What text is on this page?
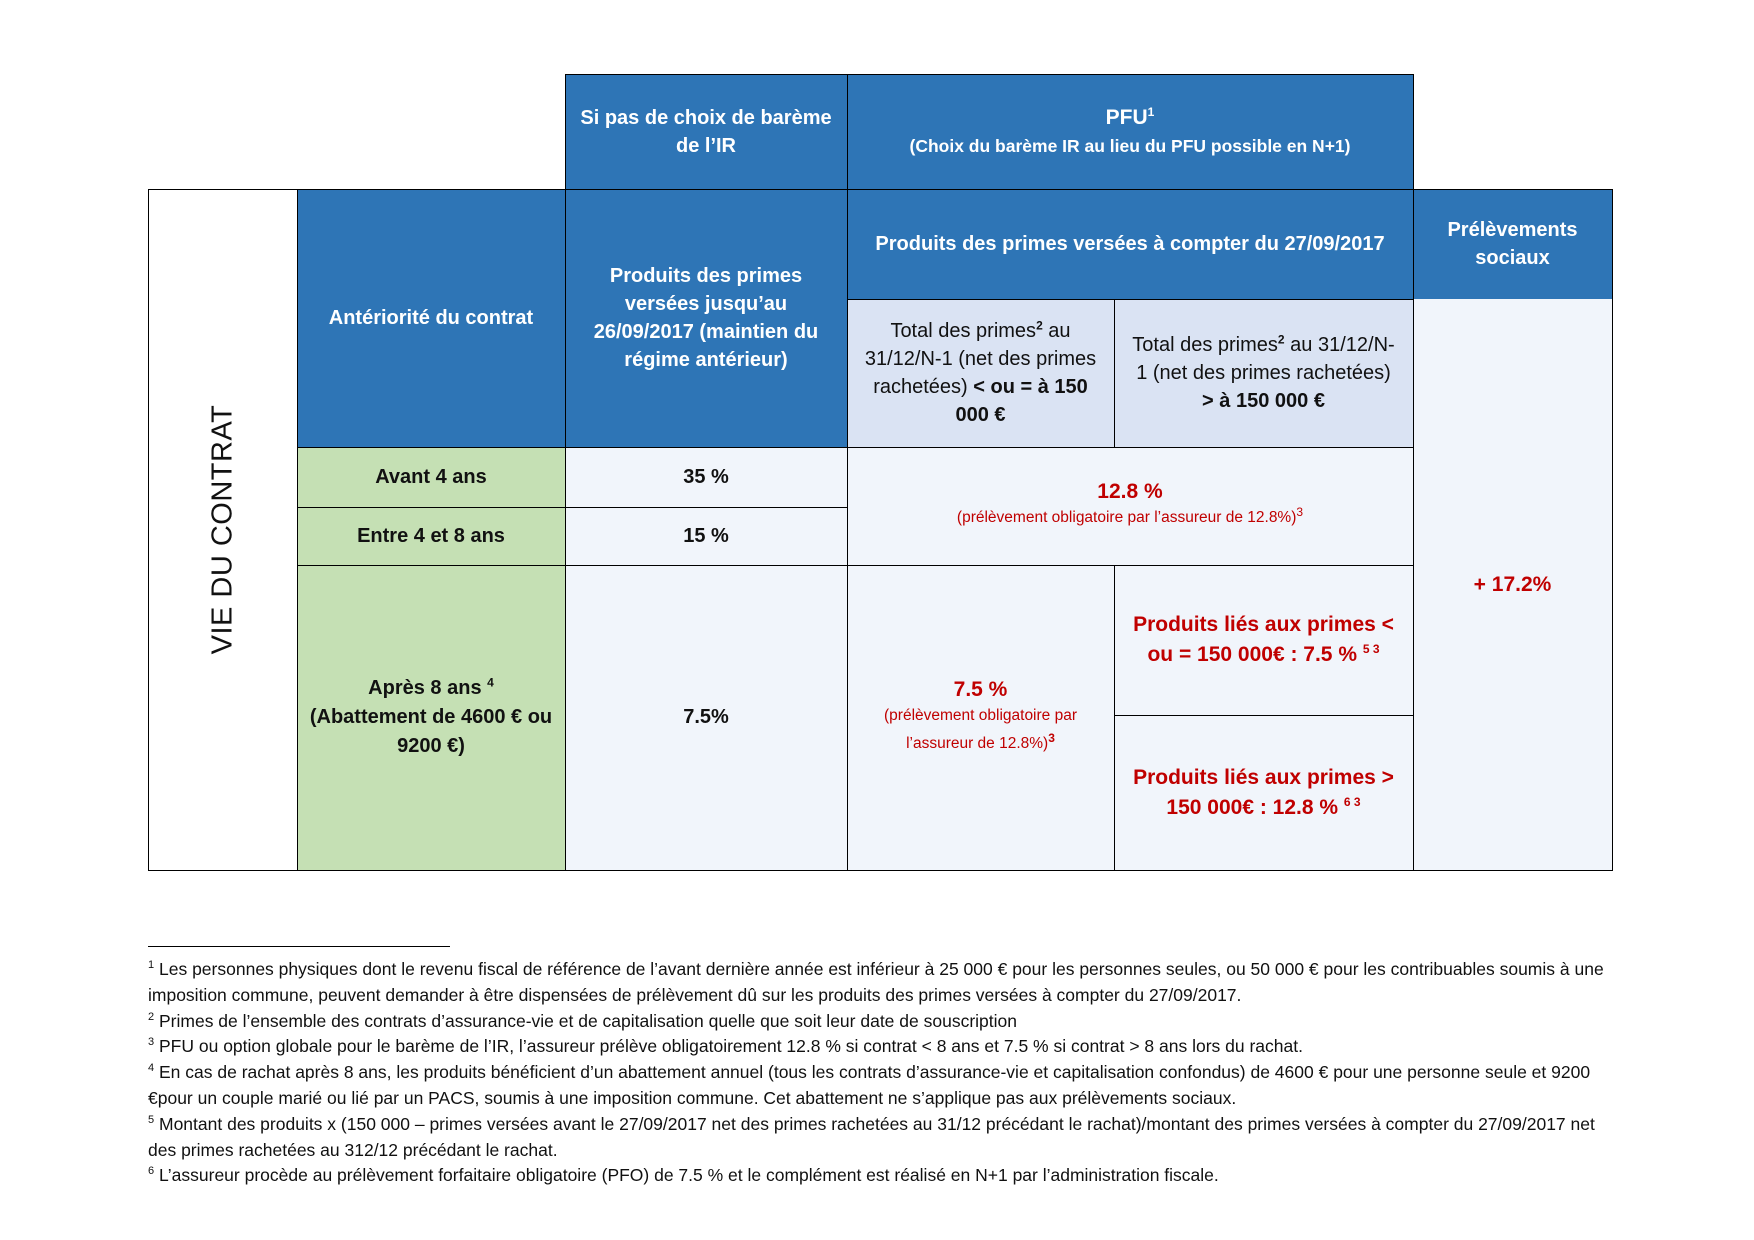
Si pas de choix de barème de l’IR
PFU$^1$
(Choix du barème IR au lieu du PFU possible en N+1)
VIE DU CONTRAT
Antériorité du contrat
Produits des primes versées jusqu’au 26/09/2017 (maintien du régime antérieur)
Produits des primes versées à compter du 27/09/2017
Prélèvements sociaux
Total des primes$^2$ au 31/12/N-1 (net des primes rachetées) < ou = à 150 000 €
Total des primes$^2$ au 31/12/N-1 (net des primes rachetées) > à 150 000 €
Avant 4 ans	35 %
Entre 4 et 8 ans	15 %
12.8 %
(prélèvement obligatoire par l’assureur de 12.8%)$^3$
Après 8 ans $^4$
(Abattement de 4600 € ou 9200 €)
7.5%
7.5 %
(prélèvement obligatoire par l’assureur de 12.8%)$^3$
Produits liés aux primes < ou = 150 000€ : 7.5 % $^{5 3}$
Produits liés aux primes > 150 000€ : 12.8 % $^{6 3}$
+ 17.2%

$^1$ Les personnes physiques dont le revenu fiscal de référence de l’avant dernière année est inférieur à 25 000 € pour les personnes seules, ou 50 000 € pour les contribuables soumis à une imposition commune, peuvent demander à être dispensées de prélèvement dû sur les produits des primes versées à compter du 27/09/2017.

$^2$ Primes de l’ensemble des contrats d’assurance-vie et de capitalisation quelle que soit leur date de souscription

$^3$ PFU ou option globale pour le barème de l’IR, l’assureur prélève obligatoirement 12.8 % si contrat < 8 ans et 7.5 % si contrat > 8 ans lors du rachat.

$^4$ En cas de rachat après 8 ans, les produits bénéficient d’un abattement annuel (tous les contrats d’assurance-vie et capitalisation confondus) de 4600 € pour une personne seule et 9200 €pour un couple marié ou lié par un PACS, soumis à une imposition commune. Cet abattement ne s’applique pas aux prélèvements sociaux.

$^5$ Montant des produits x (150 000 – primes versées avant le 27/09/2017 net des primes rachetées au 31/12 précédant le rachat)/montant des primes versées à compter du 27/09/2017 net des primes rachetées au 312/12 précédant le rachat.

$^6$ L’assureur procède au prélèvement forfaitaire obligatoire (PFO) de 7.5 % et le complément est réalisé en N+1 par l’administration fiscale.
